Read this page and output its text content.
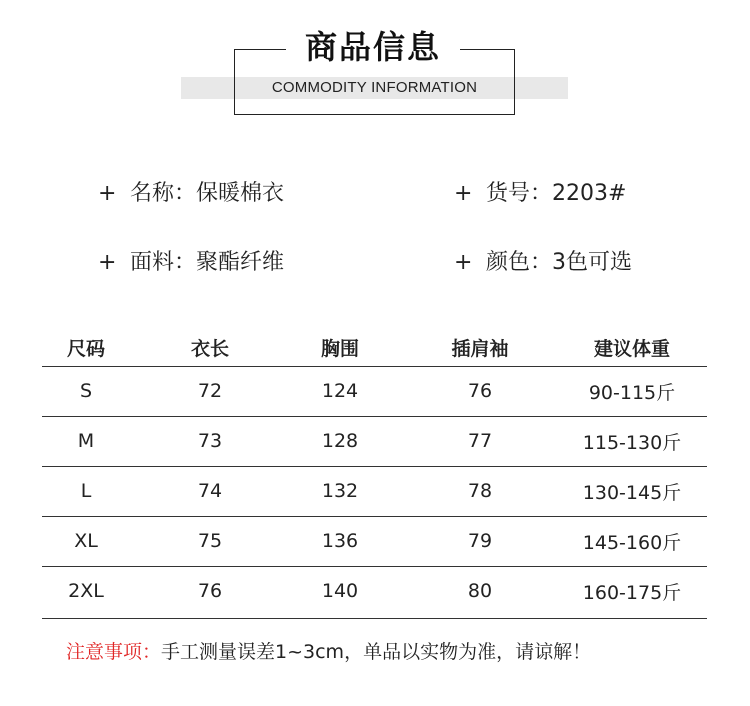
商品信息
COMMODITY INFORMATION
+ 名称：保暖棉衣	+ 货号：2203#
+ 面料：聚酯纤维	+ 颜色：3色可选
尺码	衣长	胸围	插肩袖	建议体重
S	72	124	76	90-115斤
M	73	128	77	115-130斤
L	74	132	78	130-145斤
XL	75	136	79	145-160斤
2XL	76	140	80	160-175斤
注意事项：手工测量误差1~3cm，单品以实物为准，请谅解！
